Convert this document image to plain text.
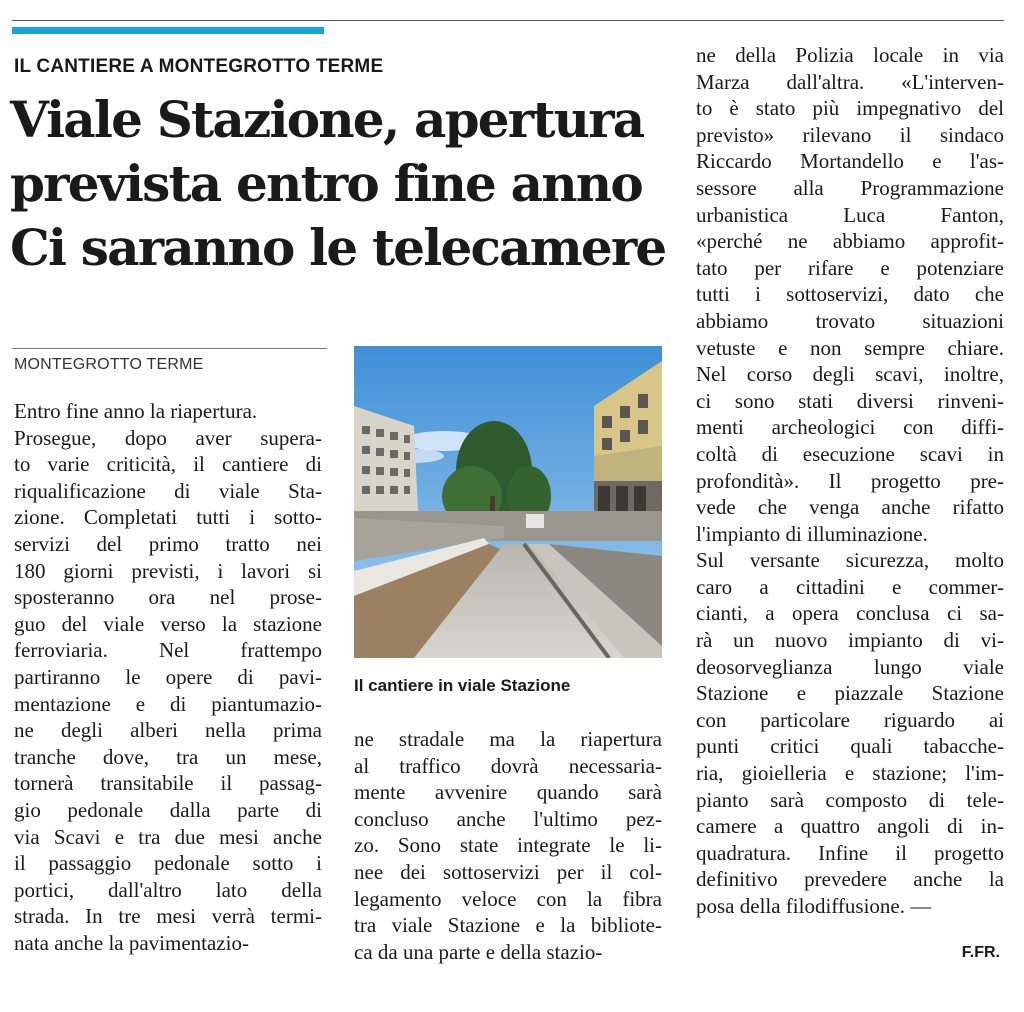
IL CANTIERE A MONTEGROTTO TERME
Viale Stazione, apertura
prevista entro fine anno
Ci saranno le telecamere
MONTEGROTTO TERME
Entro fine anno la riapertura.
Prosegue, dopo aver supera-
to varie criticità, il cantiere di
riqualificazione di viale Sta-
zione. Completati tutti i sotto-
servizi del primo tratto nei
180 giorni previsti, i lavori si
sposteranno ora nel prose-
guo del viale verso la stazione
ferroviaria. Nel frattempo
partiranno le opere di pavi-
mentazione e di piantumazio-
ne degli alberi nella prima
tranche dove, tra un mese,
tornerà transitabile il passag-
gio pedonale dalla parte di
via Scavi e tra due mesi anche
il passaggio pedonale sotto i
portici, dall'altro lato della
strada. In tre mesi verrà termi-
nata anche la pavimentazio-
Il cantiere in viale Stazione
ne stradale ma la riapertura
al traffico dovrà necessaria-
mente avvenire quando sarà
concluso anche l'ultimo pez-
zo. Sono state integrate le li-
nee dei sottoservizi per il col-
legamento veloce con la fibra
tra viale Stazione e la bibliote-
ca da una parte e della stazio-
ne della Polizia locale in via
Marza dall'altra. «L'interven-
to è stato più impegnativo del
previsto» rilevano il sindaco
Riccardo Mortandello e l'as-
sessore alla Programmazione
urbanistica Luca Fanton,
«perché ne abbiamo approfit-
tato per rifare e potenziare
tutti i sottoservizi, dato che
abbiamo trovato situazioni
vetuste e non sempre chiare.
Nel corso degli scavi, inoltre,
ci sono stati diversi rinveni-
menti archeologici con diffi-
coltà di esecuzione scavi in
profondità». Il progetto pre-
vede che venga anche rifatto
l'impianto di illuminazione.
Sul versante sicurezza, molto
caro a cittadini e commer-
cianti, a opera conclusa ci sa-
rà un nuovo impianto di vi-
deosorveglianza lungo viale
Stazione e piazzale Stazione
con particolare riguardo ai
punti critici quali tabacche-
ria, gioielleria e stazione; l'im-
pianto sarà composto di tele-
camere a quattro angoli di in-
quadratura. Infine il progetto
definitivo prevedere anche la
posa della filodiffusione. —
F.FR.
